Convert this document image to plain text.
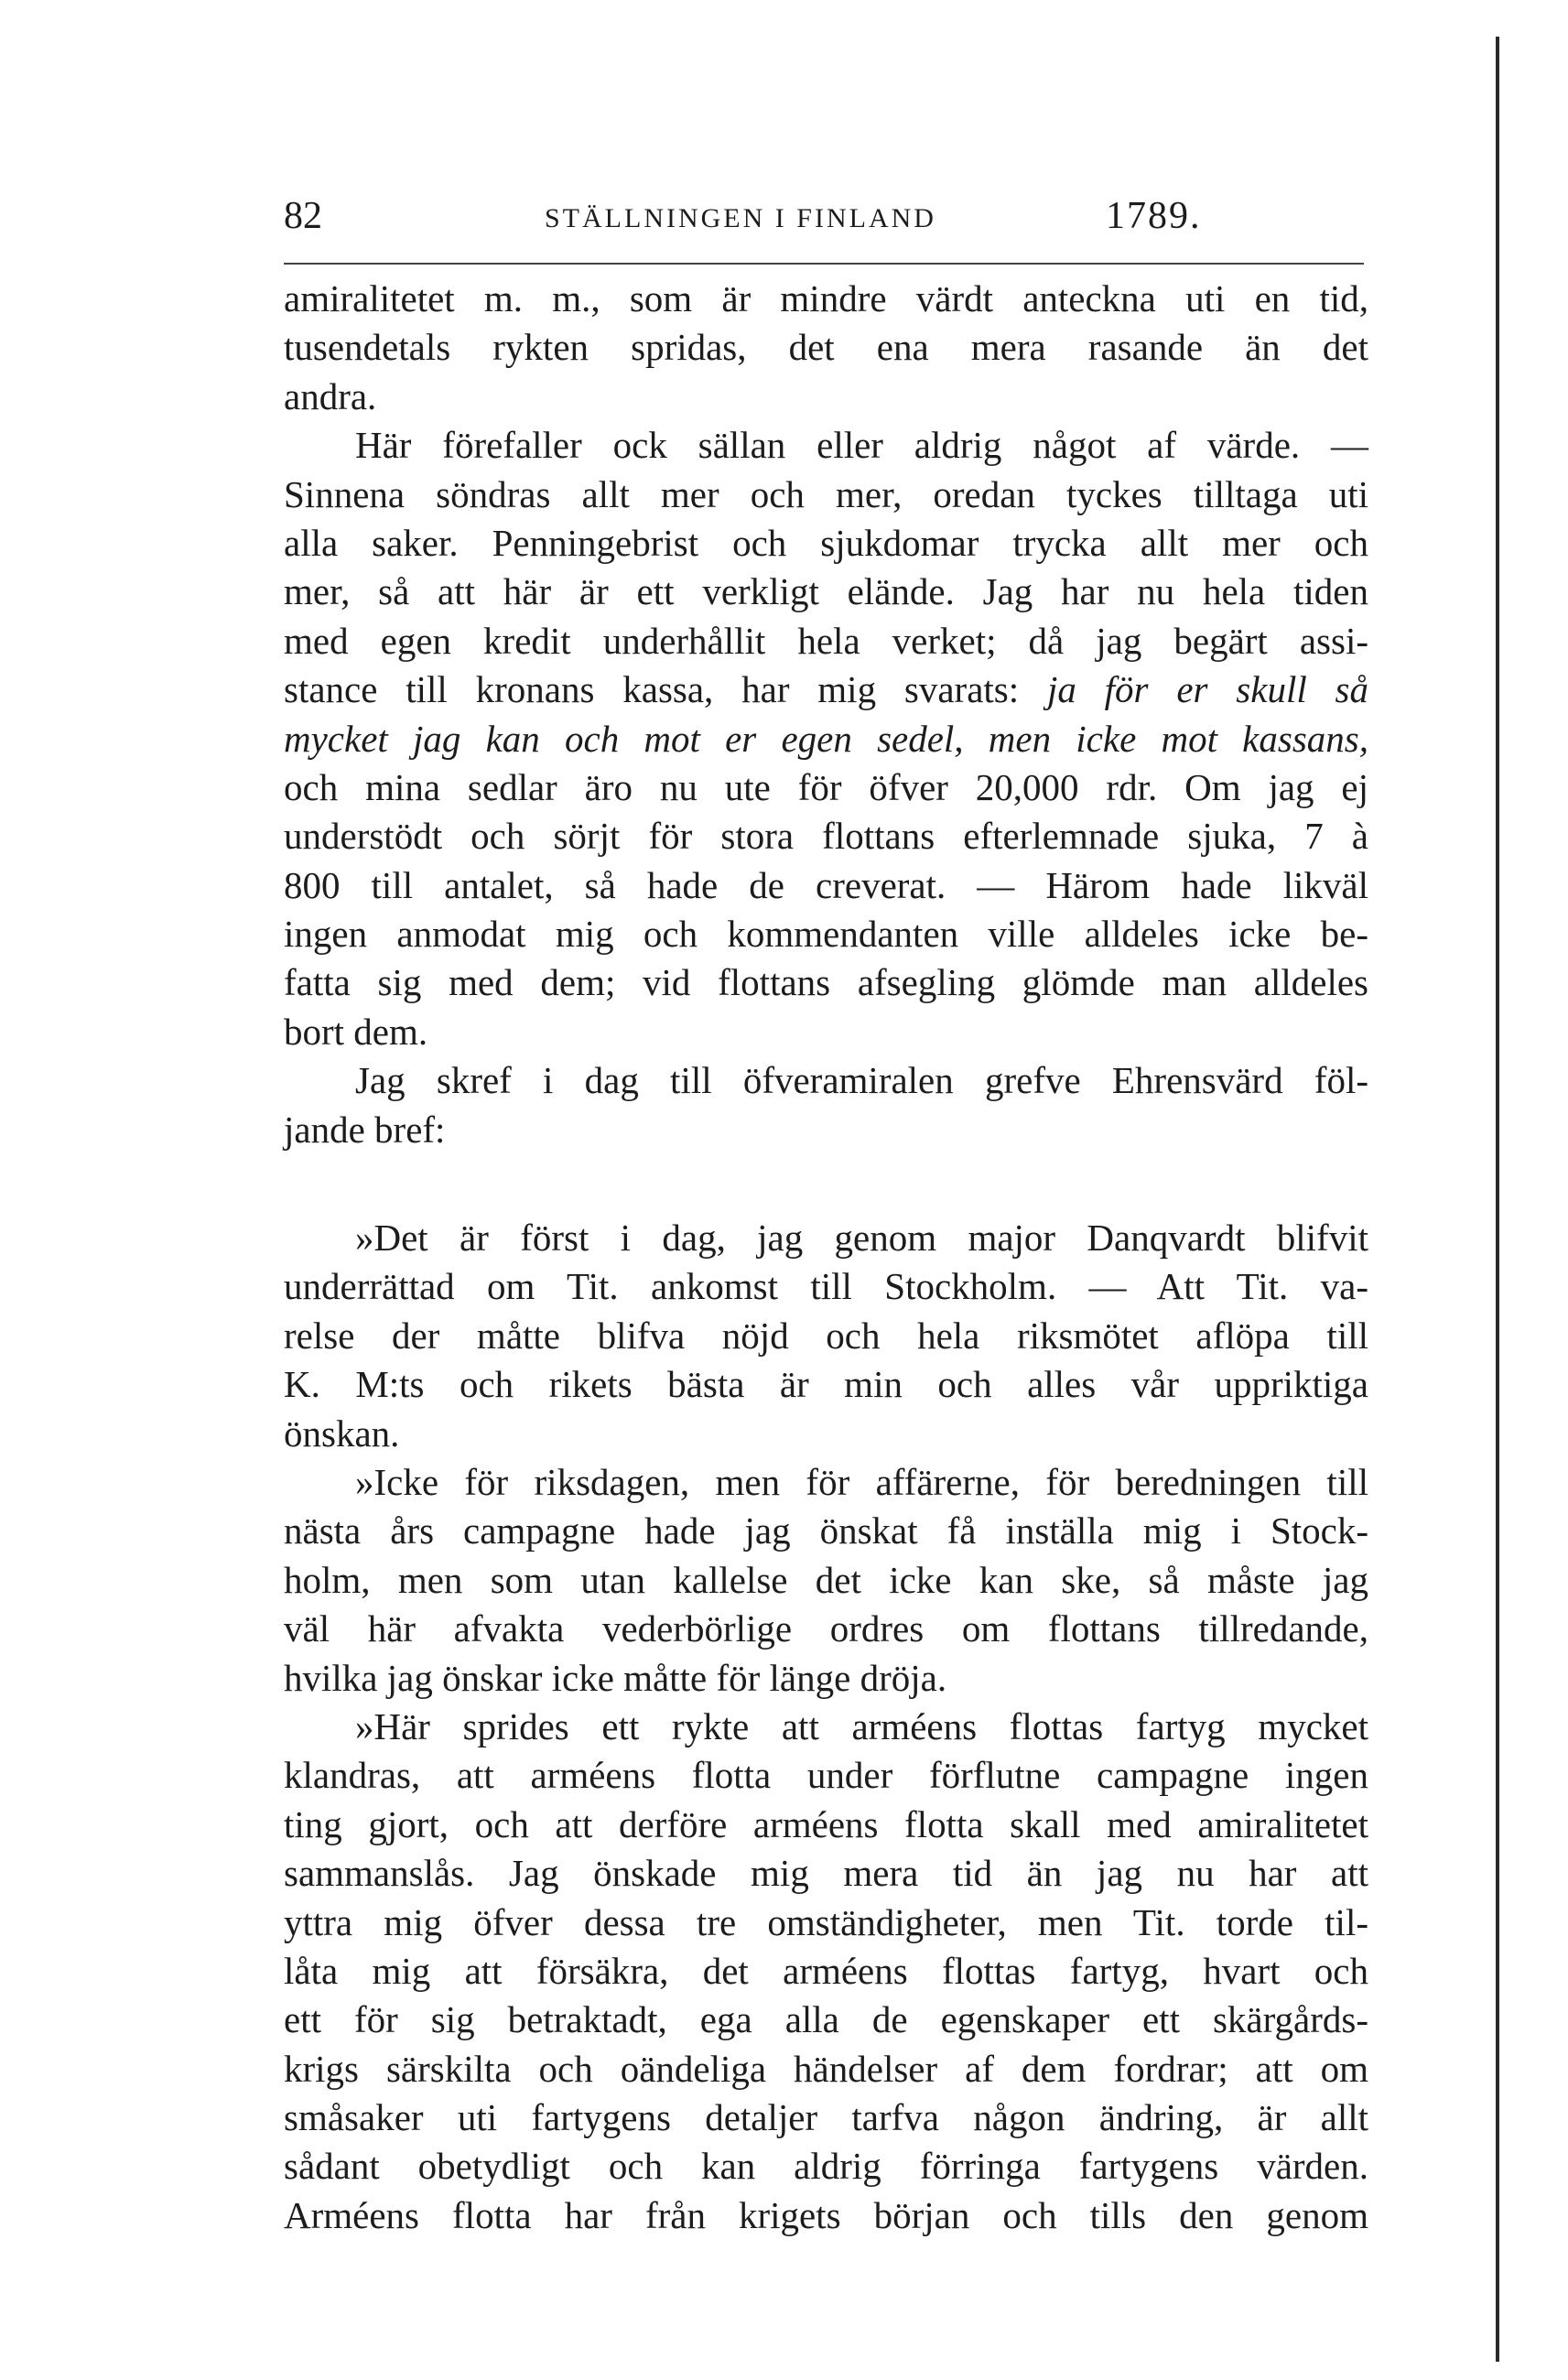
82	STÄLLNINGEN I FINLAND	1789.
amiralitetet m. m., som är mindre värdt anteckna uti en tid,
tusendetals rykten spridas, det ena mera rasande än det
andra.
Här förefaller ock sällan eller aldrig något af värde. —
Sinnena söndras allt mer och mer, oredan tyckes tilltaga uti
alla saker. Penningebrist och sjukdomar trycka allt mer och
mer, så att här är ett verkligt elände. Jag har nu hela tiden
med egen kredit underhållit hela verket; då jag begärt assi-
stance till kronans kassa, har mig svarats: ja för er skull så
mycket jag kan och mot er egen sedel, men icke mot kassans,
och mina sedlar äro nu ute för öfver 20,000 rdr. Om jag ej
understödt och sörjt för stora flottans efterlemnade sjuka, 7 à
800 till antalet, så hade de creverat. — Härom hade likväl
ingen anmodat mig och kommendanten ville alldeles icke be-
fatta sig med dem; vid flottans afsegling glömde man alldeles
bort dem.
Jag skref i dag till öfveramiralen grefve Ehrensvärd föl-
jande bref:
»Det är först i dag, jag genom major Danqvardt blifvit
underrättad om Tit. ankomst till Stockholm. — Att Tit. va-
relse der måtte blifva nöjd och hela riksmötet aflöpa till
K. M:ts och rikets bästa är min och alles vår uppriktiga
önskan.
»Icke för riksdagen, men för affärerne, för beredningen till
nästa års campagne hade jag önskat få inställa mig i Stock-
holm, men som utan kallelse det icke kan ske, så måste jag
väl här afvakta vederbörlige ordres om flottans tillredande,
hvilka jag önskar icke måtte för länge dröja.
»Här sprides ett rykte att arméens flottas fartyg mycket
klandras, att arméens flotta under förflutne campagne ingen
ting gjort, och att derföre arméens flotta skall med amiralitetet
sammanslås. Jag önskade mig mera tid än jag nu har att
yttra mig öfver dessa tre omständigheter, men Tit. torde til-
låta mig att försäkra, det arméens flottas fartyg, hvart och
ett för sig betraktadt, ega alla de egenskaper ett skärgårds-
krigs särskilta och oändeliga händelser af dem fordrar; att om
småsaker uti fartygens detaljer tarfva någon ändring, är allt
sådant obetydligt och kan aldrig förringa fartygens värden.
Arméens flotta har från krigets början och tills den genom
